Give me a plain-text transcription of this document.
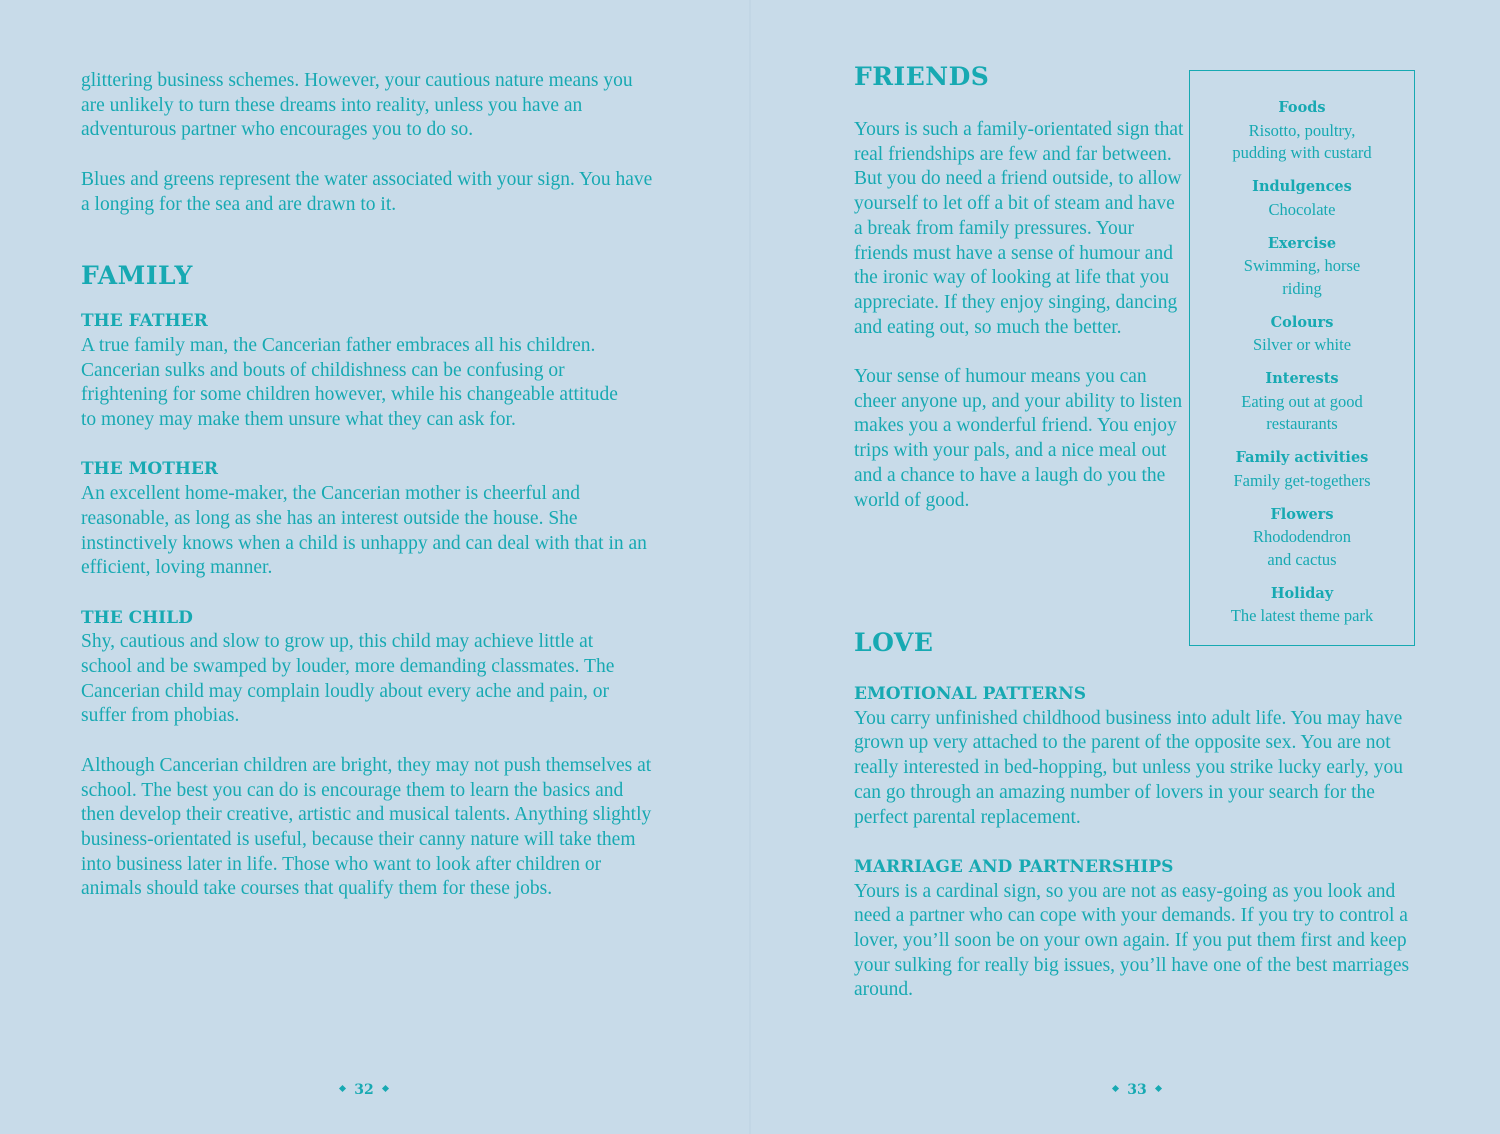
glittering business schemes. However, your cautious nature means you are unlikely to turn these dreams into reality, unless you have an adventurous partner who encourages you to do so.

Blues and greens represent the water associated with your sign. You have a longing for the sea and are drawn to it.

FAMILY
THE FATHER

A true family man, the Cancerian father embraces all his children. Cancerian sulks and bouts of childishness can be confusing or frightening for some children however, while his changeable attitude to money may make them unsure what they can ask for.

THE MOTHER

An excellent home-maker, the Cancerian mother is cheerful and reasonable, as long as she has an interest outside the house. She instinctively knows when a child is unhappy and can deal with that in an efficient, loving manner.

THE CHILD

Shy, cautious and slow to grow up, this child may achieve little at school and be swamped by louder, more demanding classmates. The Cancerian child may complain loudly about every ache and pain, or suffer from phobias.

Although Cancerian children are bright, they may not push themselves at school. The best you can do is encourage them to learn the basics and then develop their creative, artistic and musical talents. Anything slightly business-orientated is useful, because their canny nature will take them into business later in life. Those who want to look after children or animals should take courses that qualify them for these jobs.

32
FRIENDS

Yours is such a family-orientated sign that real friendships are few and far between. But you do need a friend outside, to allow yourself to let off a bit of steam and have a break from family pressures. Your friends must have a sense of humour and the ironic way of looking at life that you appreciate. If they enjoy singing, dancing and eating out, so much the better.

Your sense of humour means you can cheer anyone up, and your ability to listen makes you a wonderful friend. You enjoy trips with your pals, and a nice meal out and a chance to have a laugh do you the world of good.

Foods
Risotto, poultry,
pudding with custard
Indulgences
Chocolate
Exercise
Swimming, horse
riding
Colours
Silver or white
Interests
Eating out at good
restaurants
Family activities
Family get-togethers
Flowers
Rhododendron
and cactus
Holiday
The latest theme park
LOVE
EMOTIONAL PATTERNS

You carry unfinished childhood business into adult life. You may have grown up very attached to the parent of the opposite sex. You are not really interested in bed-hopping, but unless you strike lucky early, you can go through an amazing number of lovers in your search for the perfect parental replacement.

MARRIAGE AND PARTNERSHIPS

Yours is a cardinal sign, so you are not as easy-going as you look and need a partner who can cope with your demands. If you try to control a lover, you’ll soon be on your own again. If you put them first and keep your sulking for really big issues, you’ll have one of the best marriages around.

33
